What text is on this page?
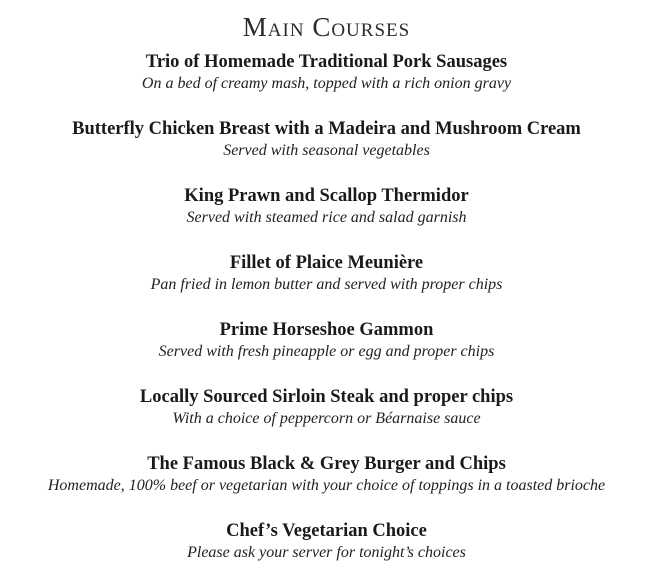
Main Courses
Trio of Homemade Traditional Pork Sausages
On a bed of creamy mash, topped with a rich onion gravy
Butterfly Chicken Breast with a Madeira and Mushroom Cream
Served with seasonal vegetables
King Prawn and Scallop Thermidor
Served with steamed rice and salad garnish
Fillet of Plaice Meunière
Pan fried in lemon butter and served with proper chips
Prime Horseshoe Gammon
Served with fresh pineapple or egg and proper chips
Locally Sourced Sirloin Steak and proper chips
With a choice of peppercorn or Béarnaise sauce
The Famous Black & Grey Burger and Chips
Homemade, 100% beef or vegetarian with your choice of toppings in a toasted brioche
Chef’s Vegetarian Choice
Please ask your server for tonight’s choices
